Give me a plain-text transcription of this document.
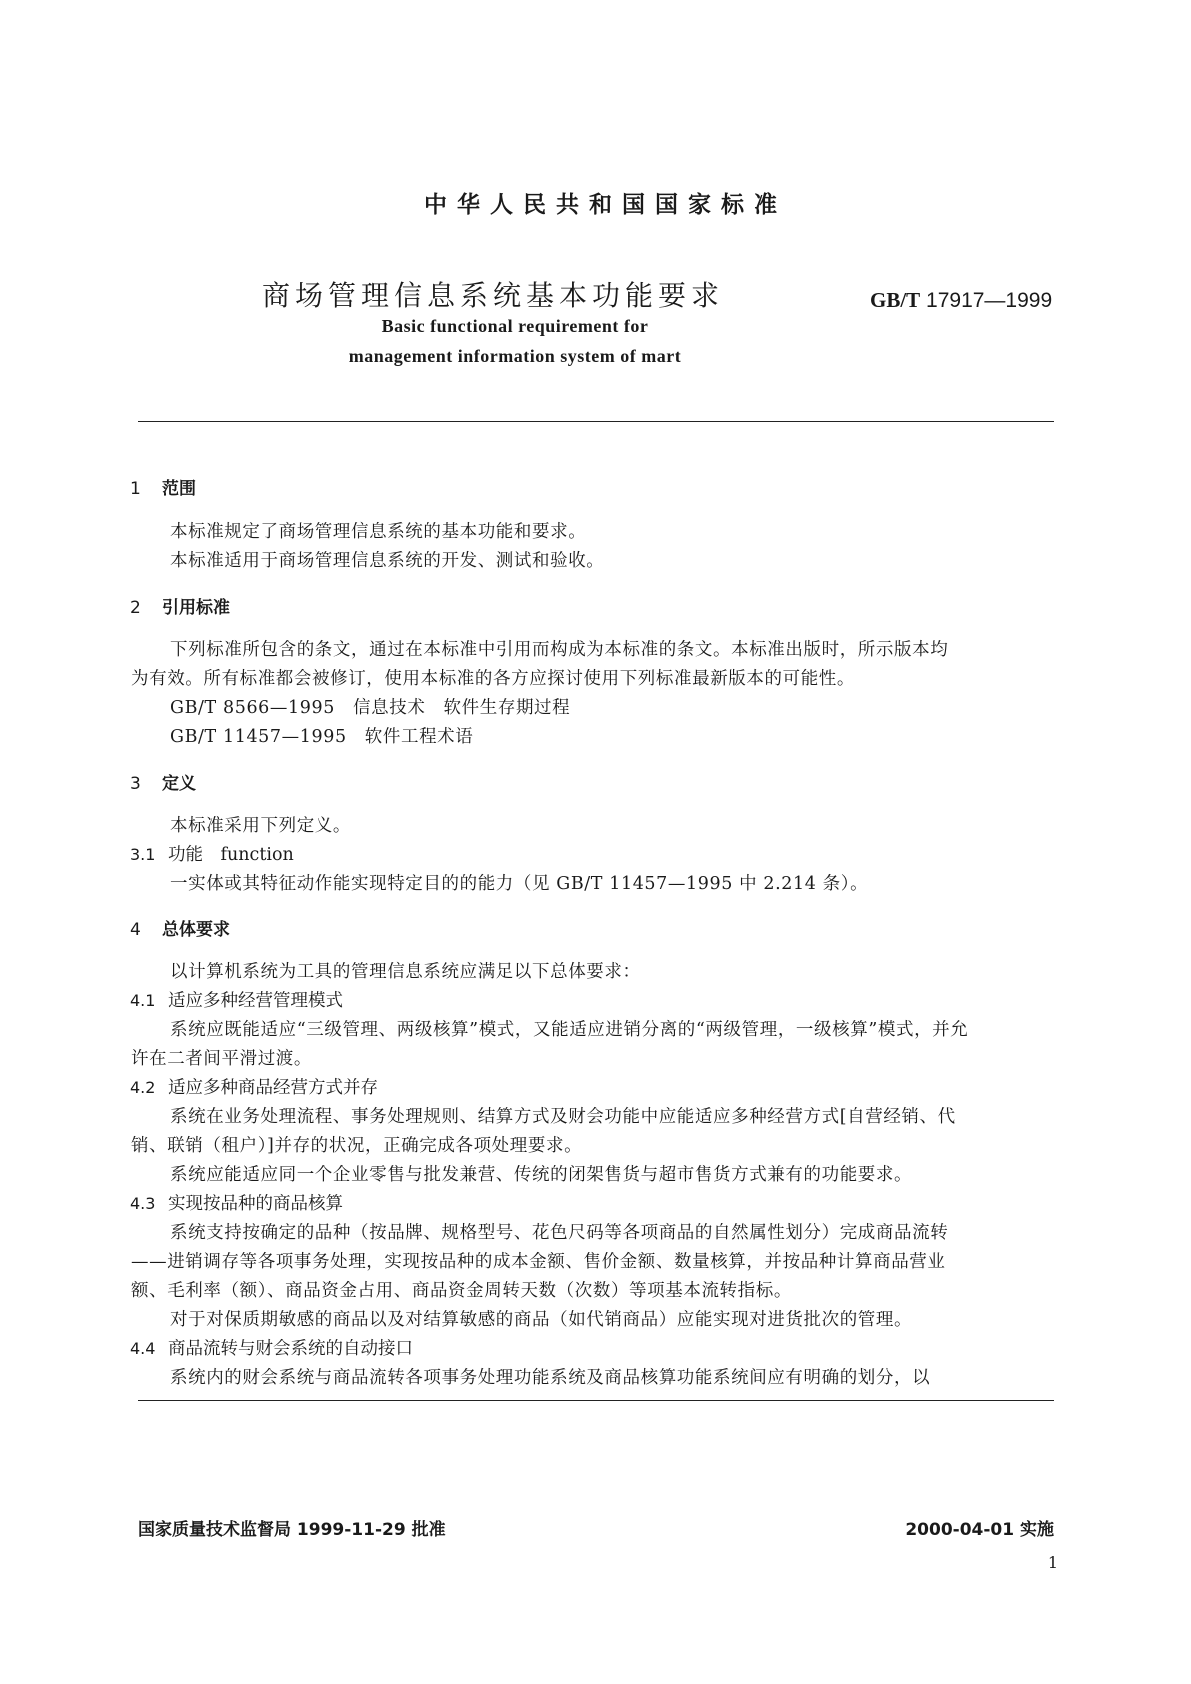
中华人民共和国国家标准
商场管理信息系统基本功能要求	GB/T 17917—1999
Basic functional requirement for
management information system of mart
1 范围
本标准规定了商场管理信息系统的基本功能和要求。
本标准适用于商场管理信息系统的开发、测试和验收。
2 引用标准
下列标准所包含的条文，通过在本标准中引用而构成为本标准的条文。本标准出版时，所示版本均
为有效。所有标准都会被修订，使用本标准的各方应探讨使用下列标准最新版本的可能性。
GB/T 8566—1995　信息技术　软件生存期过程
GB/T 11457—1995　软件工程术语
3 定义
本标准采用下列定义。
3.1 功能　function
一实体或其特征动作能实现特定目的的能力（见 GB/T 11457—1995 中 2.214 条）。
4 总体要求
以计算机系统为工具的管理信息系统应满足以下总体要求：
4.1 适应多种经营管理模式
系统应既能适应“三级管理、两级核算”模式，又能适应进销分离的“两级管理，一级核算”模式，并允
许在二者间平滑过渡。
4.2 适应多种商品经营方式并存
系统在业务处理流程、事务处理规则、结算方式及财会功能中应能适应多种经营方式[自营经销、代
销、联销（租户）]并存的状况，正确完成各项处理要求。
系统应能适应同一个企业零售与批发兼营、传统的闭架售货与超市售货方式兼有的功能要求。
4.3 实现按品种的商品核算
系统支持按确定的品种（按品牌、规格型号、花色尺码等各项商品的自然属性划分）完成商品流转
——进销调存等各项事务处理，实现按品种的成本金额、售价金额、数量核算，并按品种计算商品营业
额、毛利率（额）、商品资金占用、商品资金周转天数（次数）等项基本流转指标。
对于对保质期敏感的商品以及对结算敏感的商品（如代销商品）应能实现对进货批次的管理。
4.4 商品流转与财会系统的自动接口
系统内的财会系统与商品流转各项事务处理功能系统及商品核算功能系统间应有明确的划分，以
国家质量技术监督局 1999-11-29 批准	2000-04-01 实施
1
